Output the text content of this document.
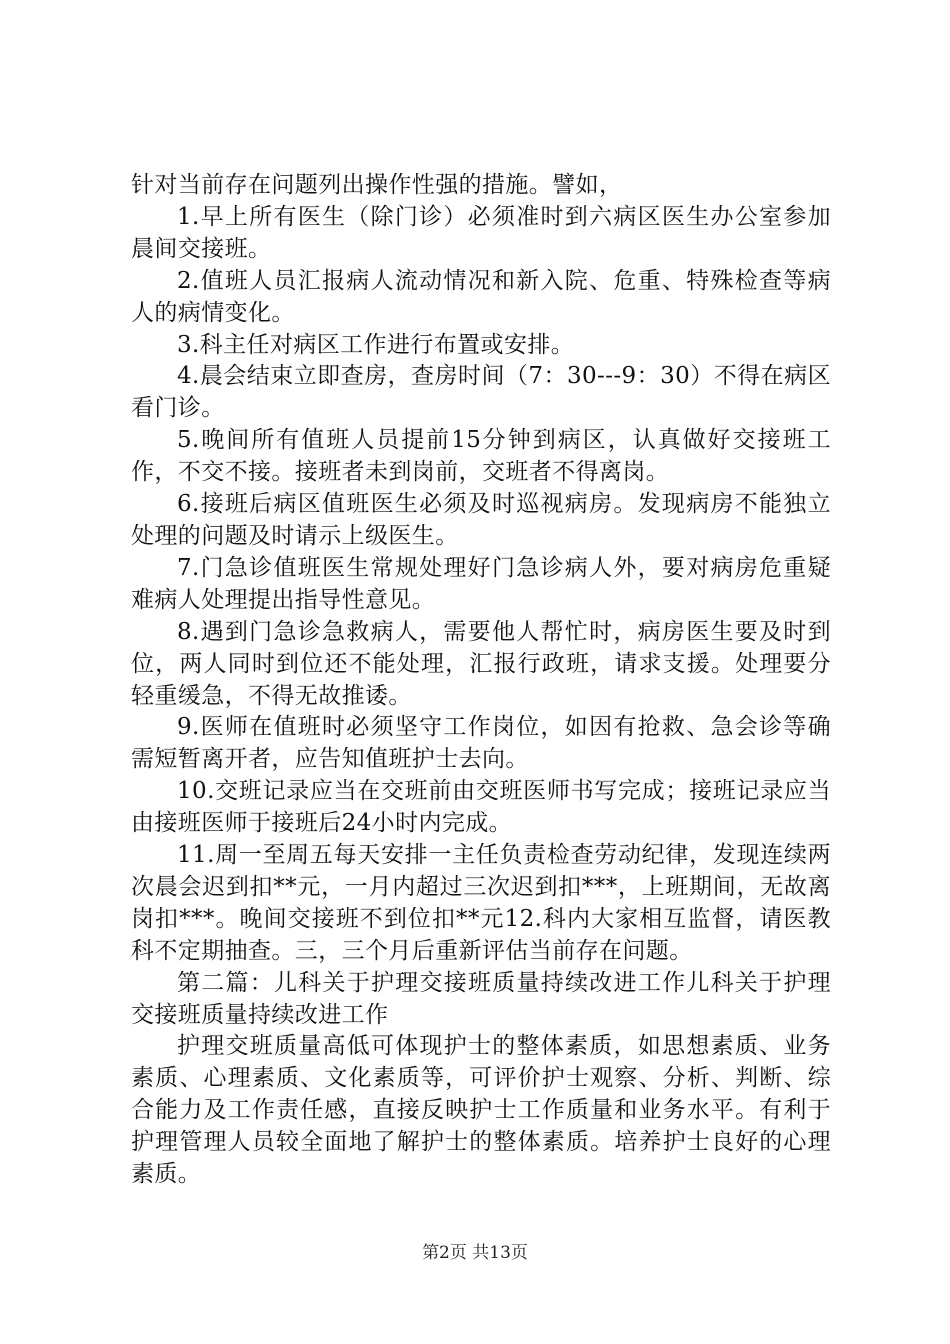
针对当前存在问题列出操作性强的措施。譬如，

1.早上所有医生（除门诊）必须准时到六病区医生办公室参加晨间交接班。

2.值班人员汇报病人流动情况和新入院、危重、特殊检查等病人的病情变化。

3.科主任对病区工作进行布置或安排。

4.晨会结束立即查房，查房时间（7：30---9：30）不得在病区看门诊。

5.晚间所有值班人员提前15分钟到病区，认真做好交接班工作，不交不接。接班者未到岗前，交班者不得离岗。

6.接班后病区值班医生必须及时巡视病房。发现病房不能独立处理的问题及时请示上级医生。

7.门急诊值班医生常规处理好门急诊病人外，要对病房危重疑难病人处理提出指导性意见。

8.遇到门急诊急救病人，需要他人帮忙时，病房医生要及时到位，两人同时到位还不能处理，汇报行政班，请求支援。处理要分轻重缓急，不得无故推诿。

9.医师在值班时必须坚守工作岗位，如因有抢救、急会诊等确需短暂离开者，应告知值班护士去向。

10.交班记录应当在交班前由交班医师书写完成；接班记录应当由接班医师于接班后24小时内完成。

11.周一至周五每天安排一主任负责检查劳动纪律，发现连续两次晨会迟到扣**元，一月内超过三次迟到扣***，上班期间，无故离岗扣***。晚间交接班不到位扣**元12.科内大家相互监督，请医教科不定期抽查。三，三个月后重新评估当前存在问题。

第二篇：儿科关于护理交接班质量持续改进工作儿科关于护理交接班质量持续改进工作

护理交班质量高低可体现护士的整体素质，如思想素质、业务素质、心理素质、文化素质等，可评价护士观察、分析、判断、综合能力及工作责任感，直接反映护士工作质量和业务水平。有利于护理管理人员较全面地了解护士的整体素质。培养护士良好的心理素质。

第2页 共13页
